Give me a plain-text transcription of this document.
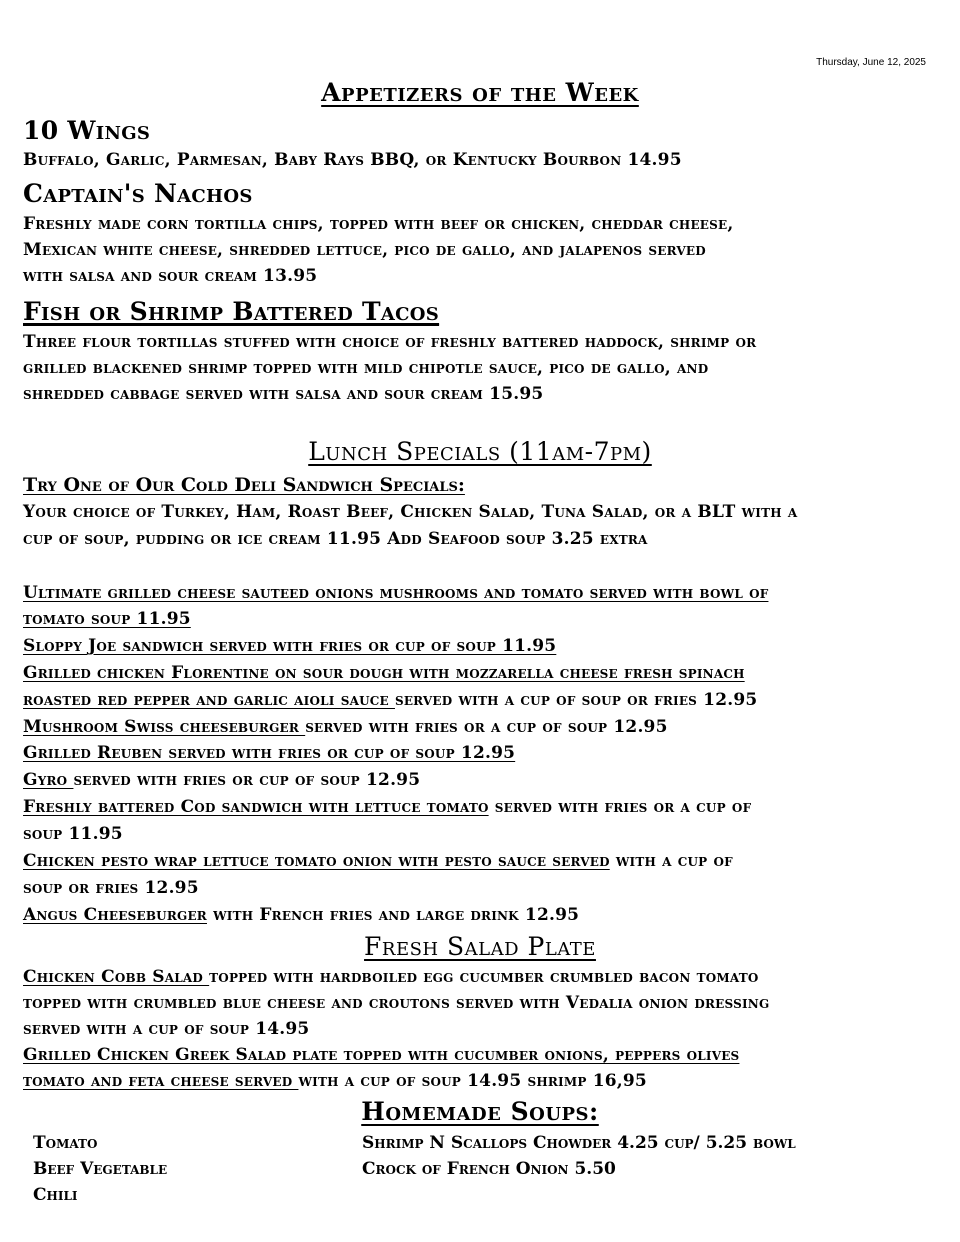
Thursday, June 12, 2025
Appetizers of the Week
10 Wings
Buffalo, Garlic, Parmesan, Baby Rays BBQ, or Kentucky Bourbon 14.95
Captain's Nachos
Freshly made corn tortilla chips, topped with beef or chicken, cheddar cheese,
Mexican white cheese, shredded lettuce, pico de gallo, and jalapenos served
with salsa and sour cream 13.95
Fish or Shrimp Battered Tacos
Three flour tortillas stuffed with choice of freshly battered haddock, shrimp or
grilled blackened shrimp topped with mild chipotle sauce, pico de gallo, and
shredded cabbage served with salsa and sour cream 15.95
Lunch Specials (11am-7pm)
Try One of Our Cold Deli Sandwich Specials:
Your choice of Turkey, Ham, Roast Beef, Chicken Salad, Tuna Salad, or a BLT with a
cup of soup, pudding or ice cream 11.95 Add Seafood soup 3.25 extra
Ultimate grilled cheese sauteed onions mushrooms and tomato served with bowl of
tomato soup 11.95
Sloppy Joe sandwich served with fries or cup of soup 11.95
Grilled chicken Florentine on sour dough with mozzarella cheese fresh spinach
roasted red pepper and garlic aioli sauce served with a cup of soup or fries 12.95
Mushroom Swiss cheeseburger served with fries or a cup of soup 12.95
Grilled Reuben served with fries or cup of soup 12.95
Gyro served with fries or cup of soup 12.95
Freshly battered Cod sandwich with lettuce tomato served with fries or a cup of
soup 11.95
Chicken pesto wrap lettuce tomato onion with pesto sauce served with a cup of
soup or fries 12.95
Angus Cheeseburger with French fries and large drink 12.95
Fresh Salad Plate
Chicken Cobb Salad topped with hardboiled egg cucumber crumbled bacon tomato
topped with crumbled blue cheese and croutons served with Vedalia onion dressing
served with a cup of soup 14.95
Grilled Chicken Greek Salad plate topped with cucumber onions, peppers olives
tomato and feta cheese served with a cup of soup 14.95 shrimp 16,95
Homemade Soups:
Tomato
Beef Vegetable
Chili
Shrimp N Scallops Chowder 4.25 cup/ 5.25 bowl
Crock of French Onion 5.50
